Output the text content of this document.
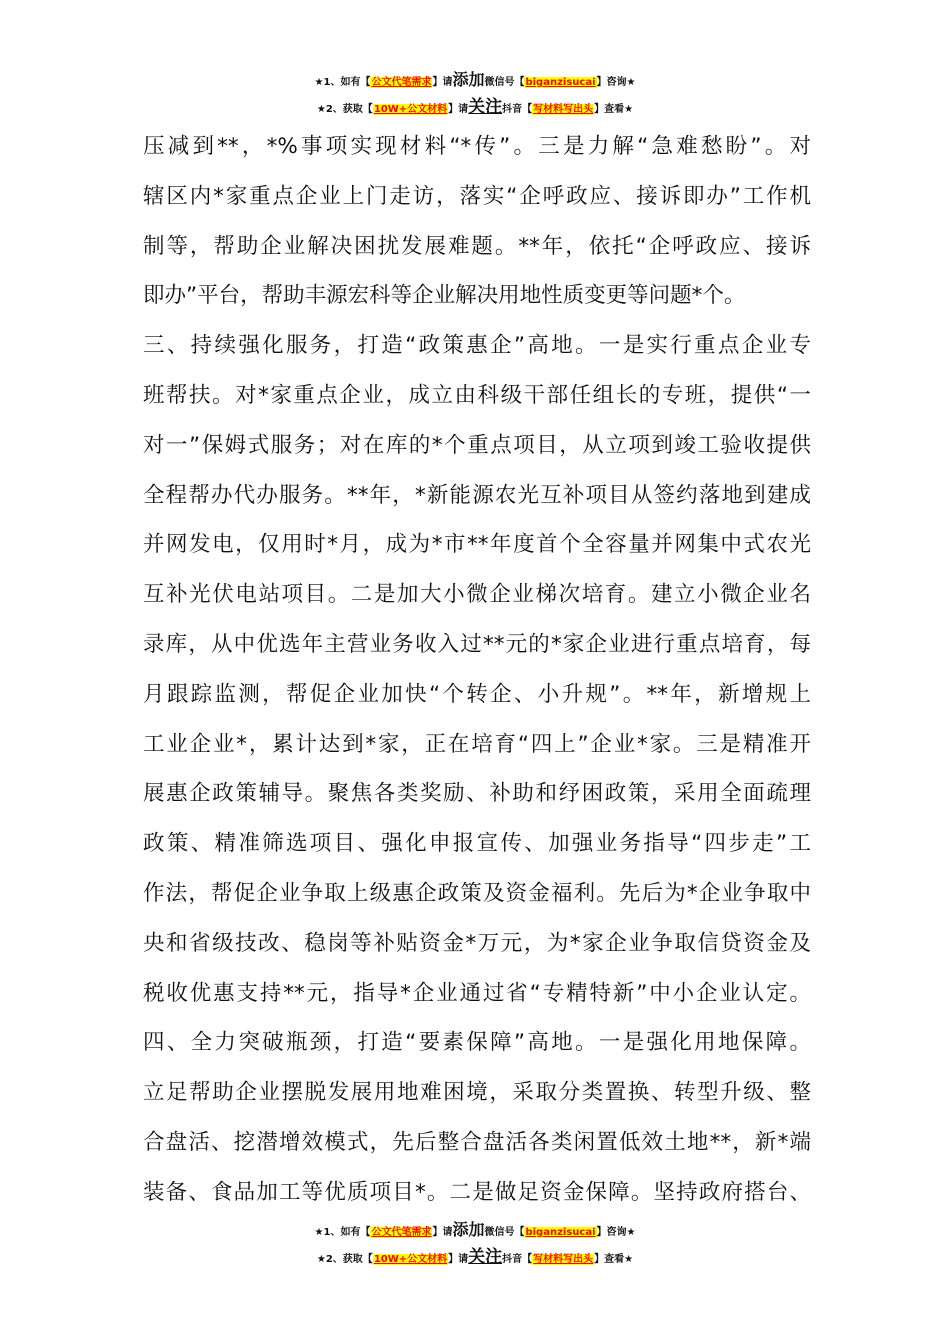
★1、如有【公文代笔需求】请添加微信号【biganzisucai】咨询★
★2、获取【10W+公文材料】请关注抖音【写材料写出头】查看★
压减到**，*%事项实现材料“*传”。三是力解“急难愁盼”。对
辖区内*家重点企业上门走访，落实“企呼政应、接诉即办”工作机
制等，帮助企业解决困扰发展难题。**年，依托“企呼政应、接诉
即办”平台，帮助丰源宏科等企业解决用地性质变更等问题*个。
三、持续强化服务，打造“政策惠企”高地。一是实行重点企业专
班帮扶。对*家重点企业，成立由科级干部任组长的专班，提供“一
对一”保姆式服务；对在库的*个重点项目，从立项到竣工验收提供
全程帮办代办服务。**年，*新能源农光互补项目从签约落地到建成
并网发电，仅用时*月，成为*市**年度首个全容量并网集中式农光
互补光伏电站项目。二是加大小微企业梯次培育。建立小微企业名
录库，从中优选年主营业务收入过**元的*家企业进行重点培育，每
月跟踪监测，帮促企业加快“个转企、小升规”。**年，新增规上
工业企业*，累计达到*家，正在培育“四上”企业*家。三是精准开
展惠企政策辅导。聚焦各类奖励、补助和纾困政策，采用全面疏理
政策、精准筛选项目、强化申报宣传、加强业务指导“四步走”工
作法，帮促企业争取上级惠企政策及资金福利。先后为*企业争取中
央和省级技改、稳岗等补贴资金*万元，为*家企业争取信贷资金及
税收优惠支持**元，指导*企业通过省“专精特新”中小企业认定。
四、全力突破瓶颈，打造“要素保障”高地。一是强化用地保障。
立足帮助企业摆脱发展用地难困境，采取分类置换、转型升级、整
合盘活、挖潜增效模式，先后整合盘活各类闲置低效土地**，新*端
装备、食品加工等优质项目*。二是做足资金保障。坚持政府搭台、
★1、如有【公文代笔需求】请添加微信号【biganzisucai】咨询★
★2、获取【10W+公文材料】请关注抖音【写材料写出头】查看★
